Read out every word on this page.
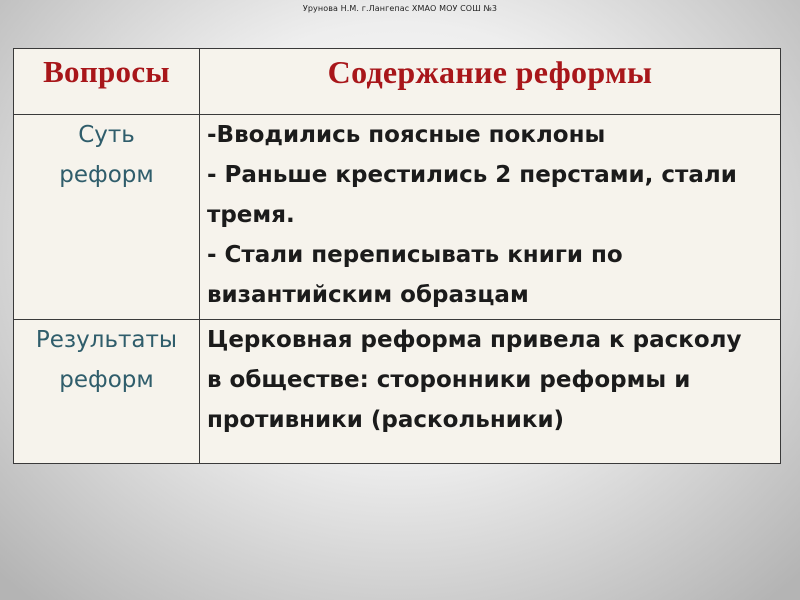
Урунова Н.М. г.Лангепас ХМАО МОУ СОШ №3
Вопросы	Содержание реформы

Суть
реформ	-Вводились поясные поклоны
- Раньше крестились 2 перстами, стали
тремя.
- Стали переписывать книги по
византийским образцам

Результаты
реформ	Церковная реформа привела к расколу
в обществе: сторонники реформы и
противники (раскольники)
